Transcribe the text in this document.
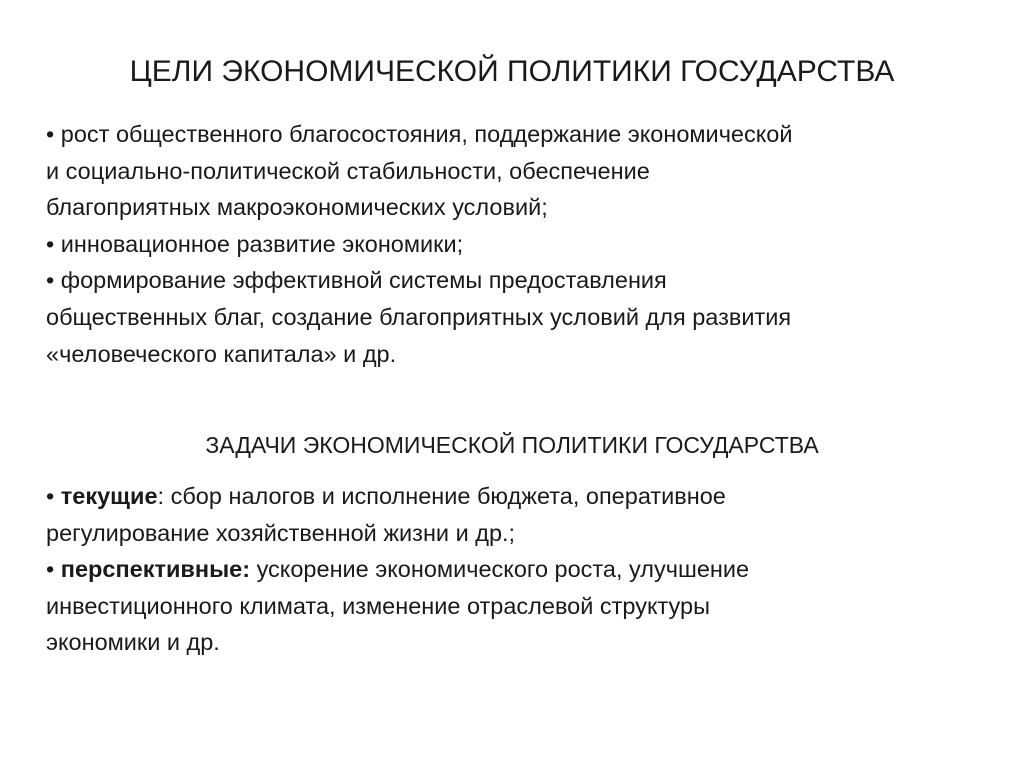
ЦЕЛИ ЭКОНОМИЧЕСКОЙ ПОЛИТИКИ ГОСУДАРСТВА
• рост общественного благосостояния, поддержание экономической
и социально-политической стабильности, обеспечение
благоприятных макроэкономических условий;
• инновационное развитие экономики;
• формирование эффективной системы предоставления
общественных благ, создание благоприятных условий для развития
«человеческого капитала» и др.
ЗАДАЧИ ЭКОНОМИЧЕСКОЙ ПОЛИТИКИ ГОСУДАРСТВА
• текущие: сбор налогов и исполнение бюджета, оперативное
регулирование хозяйственной жизни и др.;
• перспективные: ускорение экономического роста, улучшение
инвестиционного климата, изменение отраслевой структуры
экономики и др.
